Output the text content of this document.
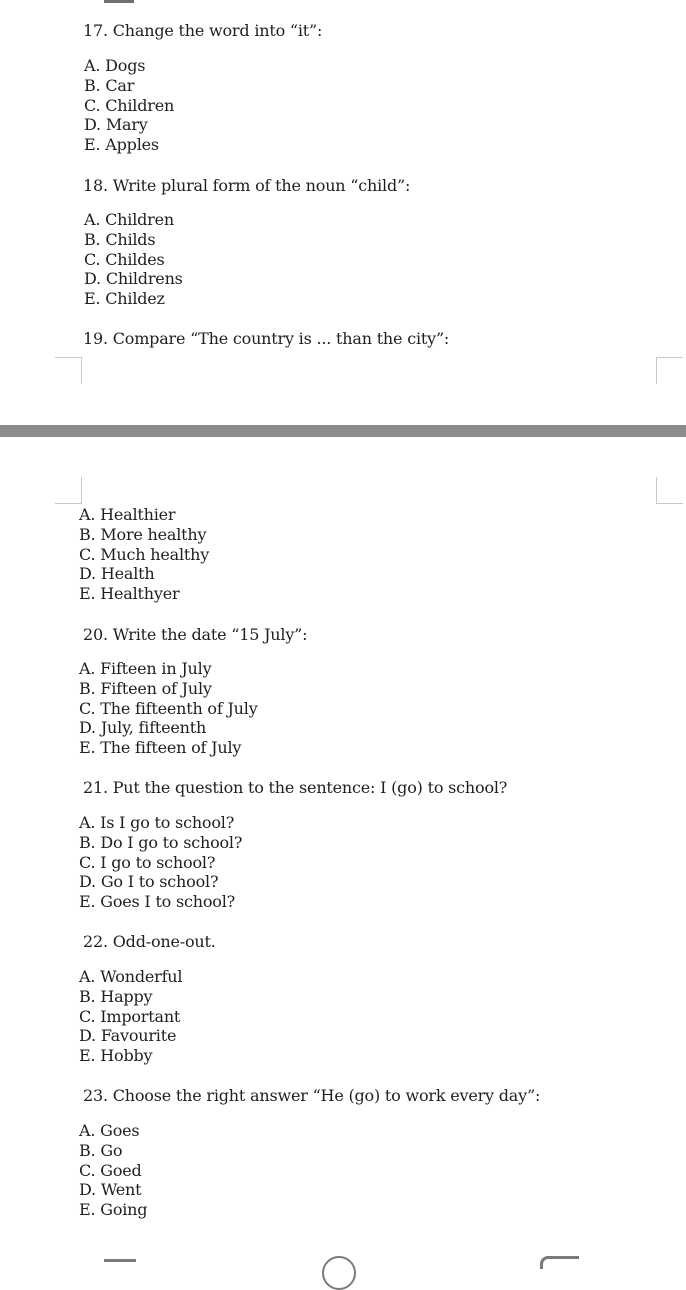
17. Change the word into “it”:
A. Dogs
B. Car
C. Children
D. Mary
E. Apples
18. Write plural form of the noun “child”:
A. Children
B. Childs
C. Childes
D. Childrens
E. Childez
19. Compare “The country is ... than the city”:
A. Healthier
B. More healthy
C. Much healthy
D. Health
E. Healthyer
20. Write the date “15 July”:
A. Fifteen in July
B. Fifteen of July
C. The fifteenth of July
D. July, fifteenth
E. The fifteen of July
21. Put the question to the sentence: I (go) to school?
A. Is I go to school?
B. Do I go to school?
C. I go to school?
D. Go I to school?
E. Goes I to school?
22. Odd-one-out.
A. Wonderful
B. Happy
C. Important
D. Favourite
E. Hobby
23. Choose the right answer “He (go) to work every day”:
A. Goes
B. Go
C. Goed
D. Went
E. Going
